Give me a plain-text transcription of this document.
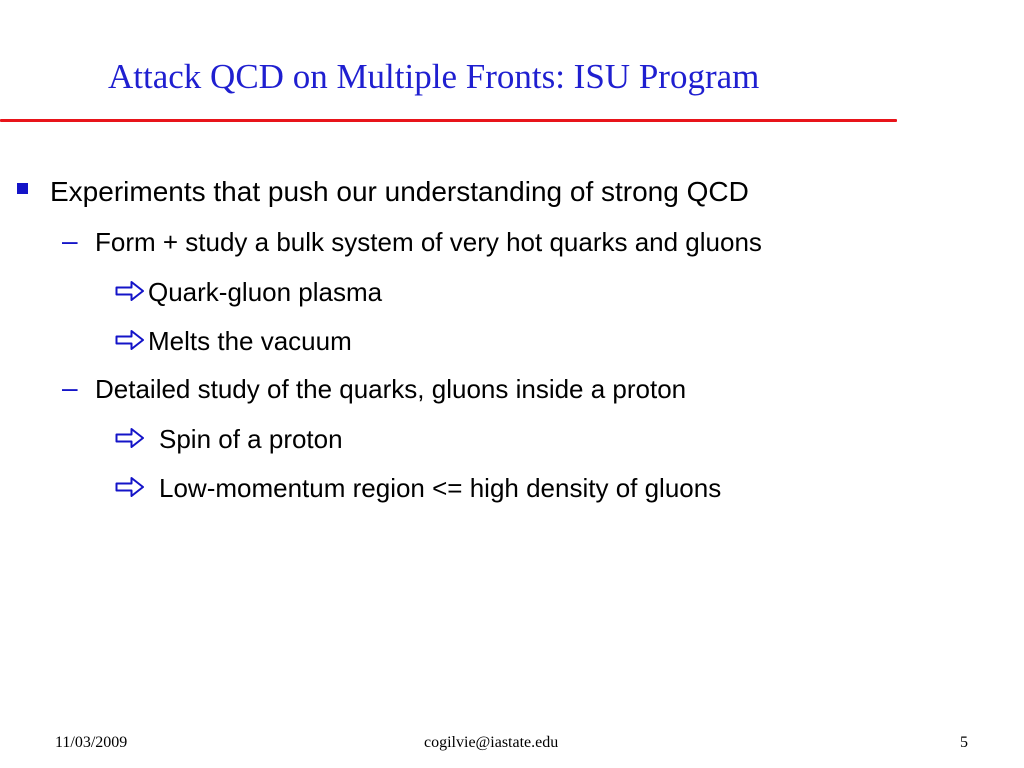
Attack QCD on Multiple Fronts: ISU Program
Experiments that push our understanding of strong QCD
– Form + study a bulk system of very hot quarks and gluons
Quark-gluon plasma
Melts the vacuum
– Detailed study of the quarks, gluons inside a proton
Spin of a proton
Low-momentum region <= high density of gluons
11/03/2009	cogilvie@iastate.edu	5
